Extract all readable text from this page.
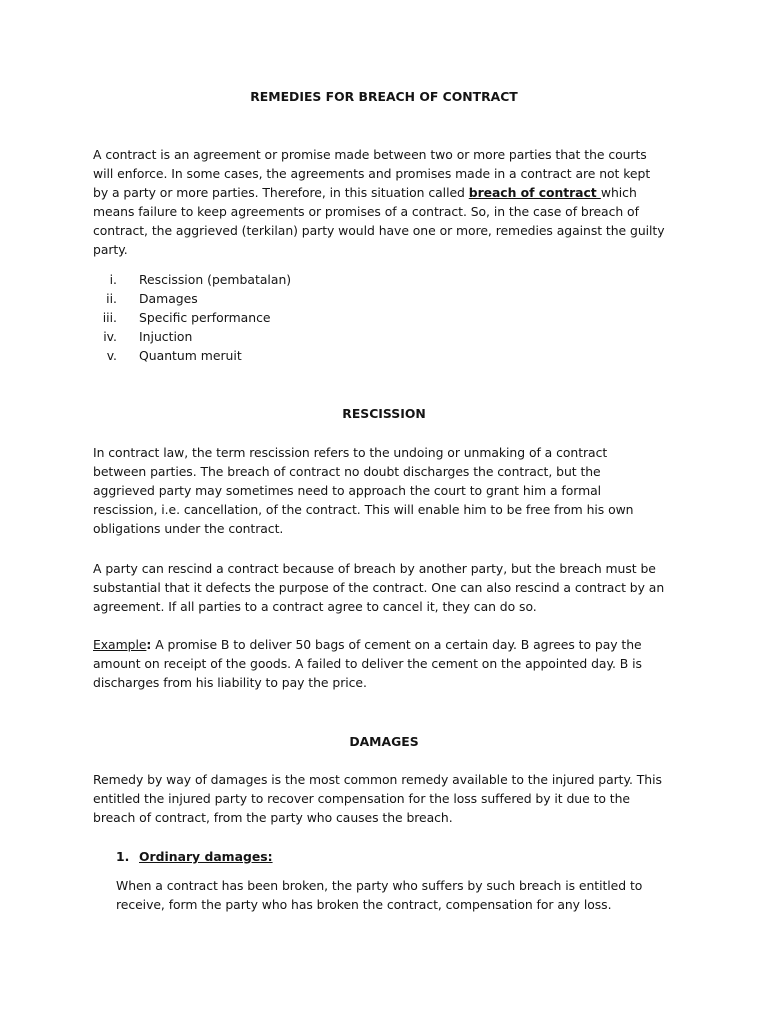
REMEDIES FOR BREACH OF CONTRACT
A contract is an agreement or promise made between two or more parties that the courts
will enforce. In some cases, the agreements and promises made in a contract are not kept
by a party or more parties. Therefore, in this situation called breach of contract which
means failure to keep agreements or promises of a contract. So, in the case of breach of
contract, the aggrieved (terkilan) party would have one or more, remedies against the guilty
party.
i. Rescission (pembatalan)
ii. Damages
iii. Specific performance
iv. Injuction
v. Quantum meruit
RESCISSION
In contract law, the term rescission refers to the undoing or unmaking of a contract
between parties. The breach of contract no doubt discharges the contract, but the
aggrieved party may sometimes need to approach the court to grant him a formal
rescission, i.e. cancellation, of the contract. This will enable him to be free from his own
obligations under the contract.
A party can rescind a contract because of breach by another party, but the breach must be
substantial that it defects the purpose of the contract. One can also rescind a contract by an
agreement. If all parties to a contract agree to cancel it, they can do so.
Example: A promise B to deliver 50 bags of cement on a certain day. B agrees to pay the
amount on receipt of the goods. A failed to deliver the cement on the appointed day. B is
discharges from his liability to pay the price.
DAMAGES
Remedy by way of damages is the most common remedy available to the injured party. This
entitled the injured party to recover compensation for the loss suffered by it due to the
breach of contract, from the party who causes the breach.
1. Ordinary damages:
When a contract has been broken, the party who suffers by such breach is entitled to
receive, form the party who has broken the contract, compensation for any loss.
